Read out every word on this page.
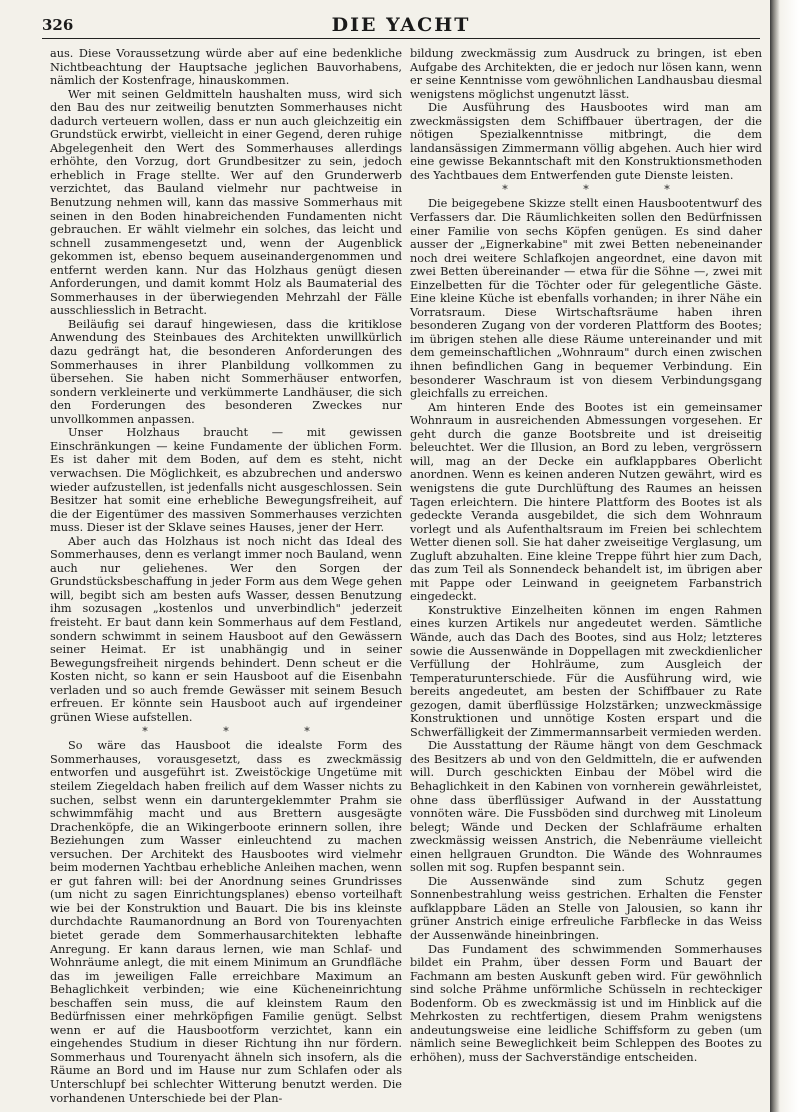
326	DIE YACHT

aus. Diese Voraussetzung würde aber auf eine bedenkliche Nichtbeachtung der Hauptsache jeglichen Bauvorhabens, nämlich der Kostenfrage, hinauskommen.

Wer mit seinen Geldmitteln haushalten muss, wird sich den Bau des nur zeitweilig benutzten Sommerhauses nicht dadurch verteuern wollen, dass er nun auch gleichzeitig ein Grundstück erwirbt, vielleicht in einer Gegend, deren ruhige Abgelegenheit den Wert des Sommerhauses allerdings erhöhte, den Vorzug, dort Grundbesitzer zu sein, jedoch erheblich in Frage stellte. Wer auf den Grunderwerb verzichtet, das Bauland vielmehr nur pachtweise in Benutzung nehmen will, kann das massive Sommerhaus mit seinen in den Boden hinabreichenden Fundamenten nicht gebrauchen. Er wählt vielmehr ein solches, das leicht und schnell zusammengesetzt und, wenn der Augenblick gekommen ist, ebenso bequem auseinandergenommen und entfernt werden kann. Nur das Holzhaus genügt diesen Anforderungen, und damit kommt Holz als Baumaterial des Sommerhauses in der überwiegenden Mehrzahl der Fälle ausschliesslich in Betracht.

Beiläufig sei darauf hingewiesen, dass die kritiklose Anwendung des Steinbaues des Architekten unwillkürlich dazu gedrängt hat, die besonderen Anforderungen des Sommerhauses in ihrer Planbildung vollkommen zu übersehen. Sie haben nicht Sommerhäuser entworfen, sondern verkleinerte und verkümmerte Landhäuser, die sich den Forderungen des besonderen Zweckes nur unvollkommen anpassen.

Unser Holzhaus braucht — mit gewissen Einschränkungen — keine Fundamente der üblichen Form. Es ist daher mit dem Boden, auf dem es steht, nicht verwachsen. Die Möglichkeit, es abzubrechen und anderswo wieder aufzustellen, ist jedenfalls nicht ausgeschlossen. Sein Besitzer hat somit eine erhebliche Bewegungsfreiheit, auf die der Eigentümer des massiven Sommerhauses verzichten muss. Dieser ist der Sklave seines Hauses, jener der Herr.

Aber auch das Holzhaus ist noch nicht das Ideal des Sommerhauses, denn es verlangt immer noch Bauland, wenn auch nur geliehenes. Wer den Sorgen der Grundstücksbeschaffung in jeder Form aus dem Wege gehen will, begibt sich am besten aufs Wasser, dessen Benutzung ihm sozusagen „kostenlos und unverbindlich" jederzeit freisteht. Er baut dann kein Sommerhaus auf dem Festland, sondern schwimmt in seinem Hausboot auf den Gewässern seiner Heimat. Er ist unabhängig und in seiner Bewegungsfreiheit nirgends behindert. Denn scheut er die Kosten nicht, so kann er sein Hausboot auf die Eisenbahn verladen und so auch fremde Gewässer mit seinem Besuch erfreuen. Er könnte sein Hausboot auch auf irgendeiner grünen Wiese aufstellen.

* * *

So wäre das Hausboot die idealste Form des Sommerhauses, vorausgesetzt, dass es zweckmässig entworfen und ausgeführt ist. Zweistöckige Ungetüme mit steilem Ziegeldach haben freilich auf dem Wasser nichts zu suchen, selbst wenn ein daruntergeklemmter Prahm sie schwimmfähig macht und aus Brettern ausgesägte Drachenköpfe, die an Wikingerboote erinnern sollen, ihre Beziehungen zum Wasser einleuchtend zu machen versuchen. Der Architekt des Hausbootes wird vielmehr beim modernen Yachtbau erhebliche Anleihen machen, wenn er gut fahren will: bei der Anordnung seines Grundrisses (um nicht zu sagen Einrichtungsplanes) ebenso vorteilhaft wie bei der Konstruktion und Bauart. Die bis ins kleinste durchdachte Raumanordnung an Bord von Tourenyachten bietet gerade dem Sommerhausarchitekten lebhafte Anregung. Er kann daraus lernen, wie man Schlaf- und Wohnräume anlegt, die mit einem Minimum an Grundfläche das im jeweiligen Falle erreichbare Maximum an Behaglichkeit verbinden; wie eine Kücheneinrichtung beschaffen sein muss, die auf kleinstem Raum den Bedürfnissen einer mehrköpfigen Familie genügt. Selbst wenn er auf die Hausbootform verzichtet, kann ein eingehendes Studium in dieser Richtung ihn nur fördern. Sommerhaus und Tourenyacht ähneln sich insofern, als die Räume an Bord und im Hause nur zum Schlafen oder als Unterschlupf bei schlechter Witterung benutzt werden. Die vorhandenen Unterschiede bei der Plan-

bildung zweckmässig zum Ausdruck zu bringen, ist eben Aufgabe des Architekten, die er jedoch nur lösen kann, wenn er seine Kenntnisse vom gewöhnlichen Landhausbau diesmal wenigstens möglichst ungenutzt lässt.

Die Ausführung des Hausbootes wird man am zweckmässigsten dem Schiffbauer übertragen, der die nötigen Spezialkenntnisse mitbringt, die dem landansässigen Zimmermann völlig abgehen. Auch hier wird eine gewisse Bekanntschaft mit den Konstruktionsmethoden des Yachtbaues dem Entwerfenden gute Dienste leisten.

* * *

Die beigegebene Skizze stellt einen Hausbootentwurf des Verfassers dar. Die Räumlichkeiten sollen den Bedürfnissen einer Familie von sechs Köpfen genügen. Es sind daher ausser der „Eignerkabine" mit zwei Betten nebeneinander noch drei weitere Schlafkojen angeordnet, eine davon mit zwei Betten übereinander — etwa für die Söhne —, zwei mit Einzelbetten für die Töchter oder für gelegentliche Gäste. Eine kleine Küche ist ebenfalls vorhanden; in ihrer Nähe ein Vorratsraum. Diese Wirtschaftsräume haben ihren besonderen Zugang von der vorderen Plattform des Bootes; im übrigen stehen alle diese Räume untereinander und mit dem gemeinschaftlichen „Wohnraum" durch einen zwischen ihnen befindlichen Gang in bequemer Verbindung. Ein besonderer Waschraum ist von diesem Verbindungsgang gleichfalls zu erreichen.

Am hinteren Ende des Bootes ist ein gemeinsamer Wohnraum in ausreichenden Abmessungen vorgesehen. Er geht durch die ganze Bootsbreite und ist dreiseitig beleuchtet. Wer die Illusion, an Bord zu leben, vergrössern will, mag an der Decke ein aufklappbares Oberlicht anordnen. Wenn es keinen anderen Nutzen gewährt, wird es wenigstens die gute Durchlüftung des Raumes an heissen Tagen erleichtern. Die hintere Plattform des Bootes ist als gedeckte Veranda ausgebildet, die sich dem Wohnraum vorlegt und als Aufenthaltsraum im Freien bei schlechtem Wetter dienen soll. Sie hat daher zweiseitige Verglasung, um Zugluft abzuhalten. Eine kleine Treppe führt hier zum Dach, das zum Teil als Sonnendeck behandelt ist, im übrigen aber mit Pappe oder Leinwand in geeignetem Farbanstrich eingedeckt.

Konstruktive Einzelheiten können im engen Rahmen eines kurzen Artikels nur angedeutet werden. Sämtliche Wände, auch das Dach des Bootes, sind aus Holz; letzteres sowie die Aussenwände in Doppellagen mit zweckdienlicher Verfüllung der Hohlräume, zum Ausgleich der Temperaturunterschiede. Für die Ausführung wird, wie bereits angedeutet, am besten der Schiffbauer zu Rate gezogen, damit überflüssige Holzstärken; unzweckmässige Konstruktionen und unnötige Kosten erspart und die Schwerfälligkeit der Zimmermannsarbeit vermieden werden.

Die Ausstattung der Räume hängt von dem Geschmack des Besitzers ab und von den Geldmitteln, die er aufwenden will. Durch geschickten Einbau der Möbel wird die Behaglichkeit in den Kabinen von vornherein gewährleistet, ohne dass überflüssiger Aufwand in der Ausstattung vonnöten wäre. Die Fussböden sind durchweg mit Linoleum belegt; Wände und Decken der Schlafräume erhalten zweckmässig weissen Anstrich, die Nebenräume vielleicht einen hellgrauen Grundton. Die Wände des Wohnraumes sollen mit sog. Rupfen bespannt sein.

Die Aussenwände sind zum Schutz gegen Sonnenbestrahlung weiss gestrichen. Erhalten die Fenster aufklappbare Läden an Stelle von Jalousien, so kann ihr grüner Anstrich einige erfreuliche Farbflecke in das Weiss der Aussenwände hineinbringen.

Das Fundament des schwimmenden Sommerhauses bildet ein Prahm, über dessen Form und Bauart der Fachmann am besten Auskunft geben wird. Für gewöhnlich sind solche Prähme unförmliche Schüsseln in rechteckiger Bodenform. Ob es zweckmässig ist und im Hinblick auf die Mehrkosten zu rechtfertigen, diesem Prahm wenigstens andeutungsweise eine leidliche Schiffsform zu geben (um nämlich seine Beweglichkeit beim Schleppen des Bootes zu erhöhen), muss der Sachverständige entscheiden.
